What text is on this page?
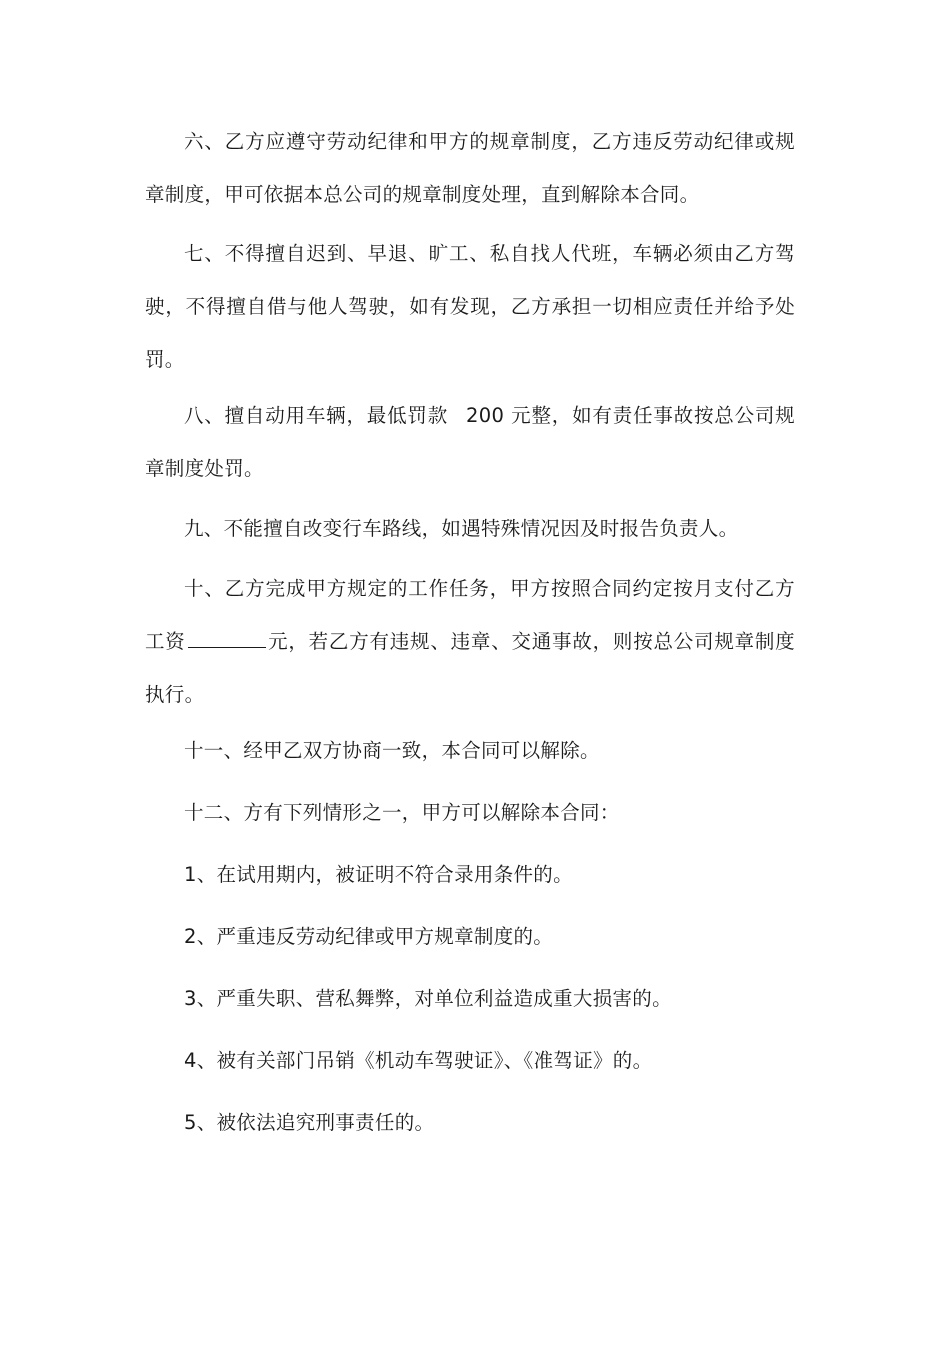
六、乙方应遵守劳动纪律和甲方的规章制度，乙方违反劳动纪律或规章制度，甲可依据本总公司的规章制度处理，直到解除本合同。

七、不得擅自迟到、早退、旷工、私自找人代班，车辆必须由乙方驾驶，不得擅自借与他人驾驶，如有发现，乙方承担一切相应责任并给予处罚。

八、擅自动用车辆，最低罚款 200 元整，如有责任事故按总公司规章制度处罚。

九、不能擅自改变行车路线，如遇特殊情况因及时报告负责人。

十、乙方完成甲方规定的工作任务，甲方按照合同约定按月支付乙方工资	元，若乙方有违规、违章、交通事故，则按总公司规章制度执行。

十一、经甲乙双方协商一致，本合同可以解除。

十二、方有下列情形之一，甲方可以解除本合同：

1、在试用期内，被证明不符合录用条件的。

2、严重违反劳动纪律或甲方规章制度的。

3、严重失职、营私舞弊，对单位利益造成重大损害的。

4、被有关部门吊销《机动车驾驶证》、《准驾证》的。

5、被依法追究刑事责任的。
